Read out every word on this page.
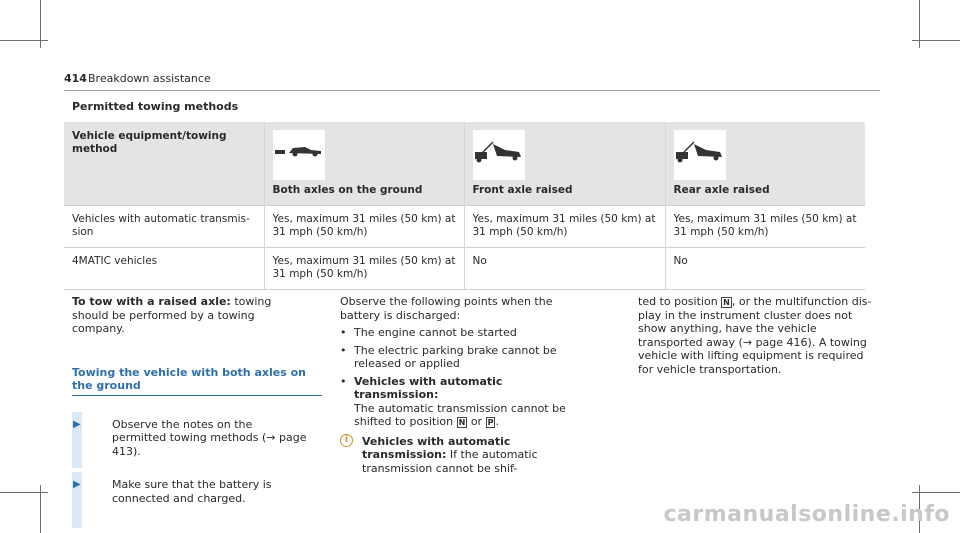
414 Breakdown assistance
Permitted towing methods
Vehicle equipment/towing method	Both axles on the ground	Front axle raised	Rear axle raised

Vehicles with automatic transmission	Yes, maximum 31 miles (50 km) at 31 mph (50 km/h)	Yes, maximum 31 miles (50 km) at 31 mph (50 km/h)	Yes, maximum 31 miles (50 km) at 31 mph (50 km/h)
4MATIC vehicles	Yes, maximum 31 miles (50 km) at 31 mph (50 km/h)	No	No
To tow with a raised axle: towing should be performed by a towing company.
Towing the vehicle with both axles on the ground
▶	Observe the notes on the permitted towing methods (→ page 413).
▶	Make sure that the battery is connected and charged.
Observe the following points when the battery is discharged:
• The engine cannot be started
• The electric parking brake cannot be released or applied
• Vehicles with automatic transmission:
The automatic transmission cannot be shifted to position N or P .
i	Vehicles with automatic transmission: If the automatic transmission cannot be shif-
ted to position N , or the multifunction display in the instrument cluster does not show anything, have the vehicle transported away (→ page 416). A towing vehicle with lifting equipment is required for vehicle transportation.
carmanualsonline.info
